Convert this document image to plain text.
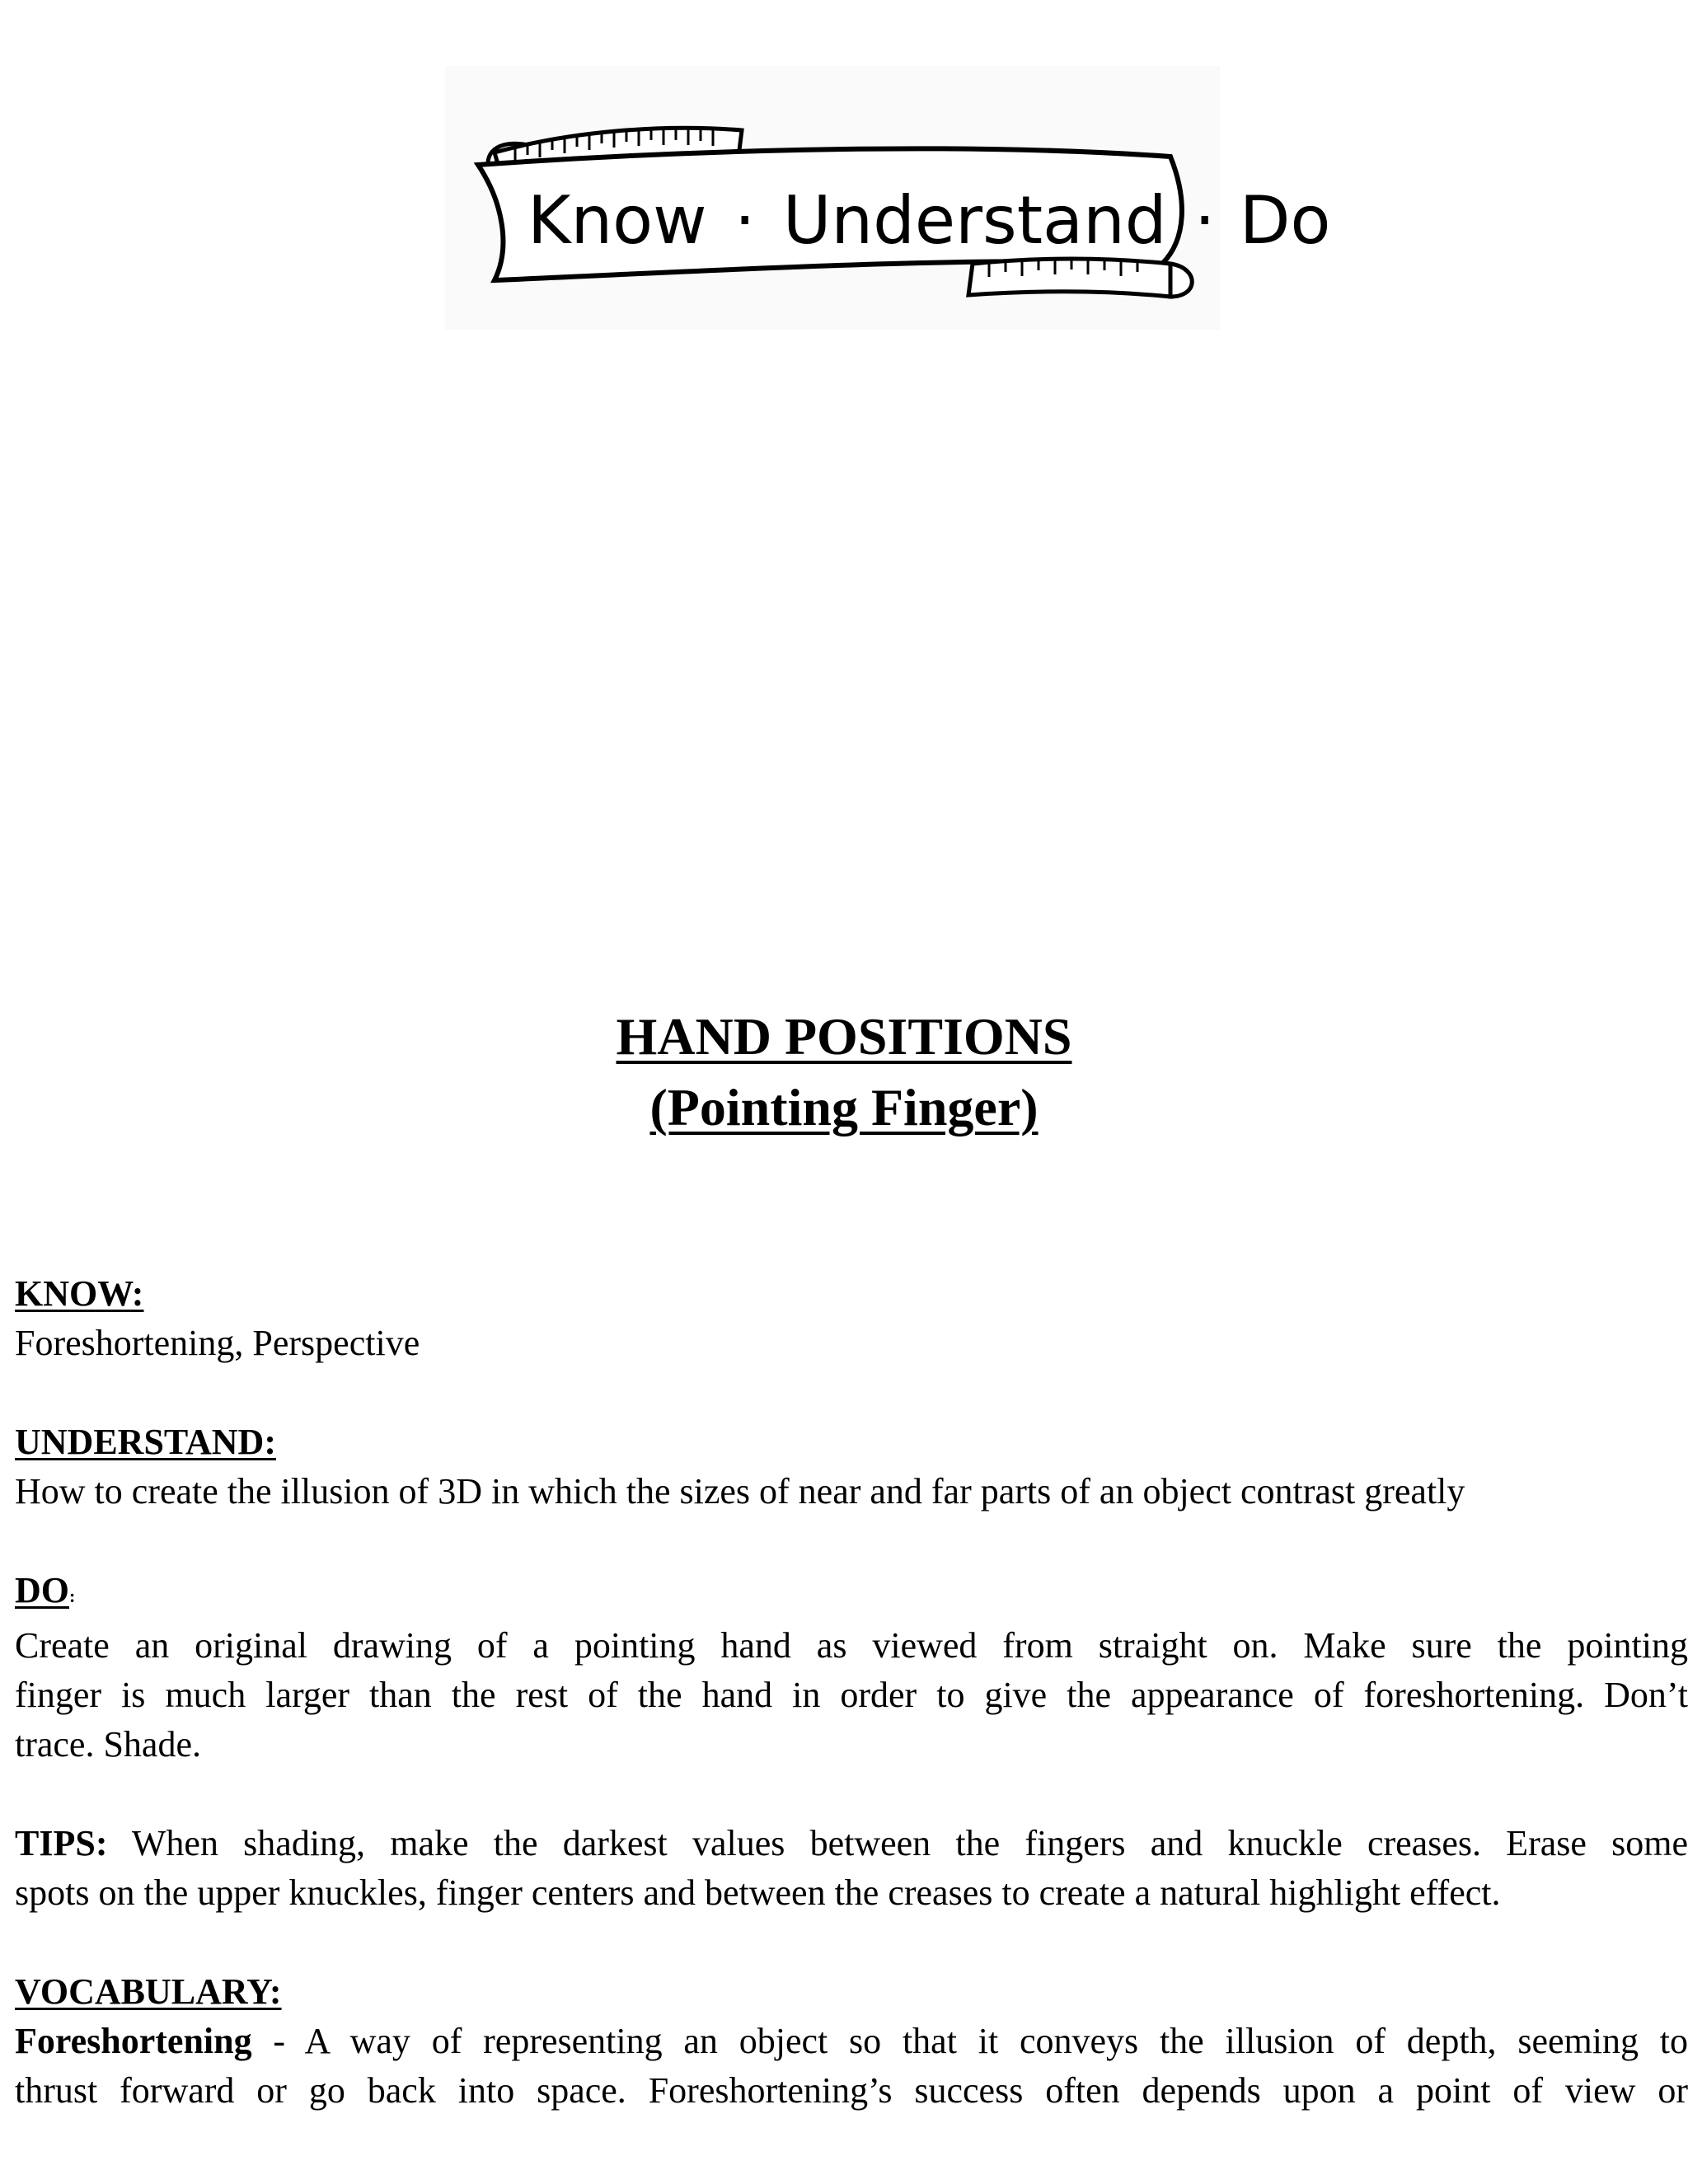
Know · Understand · Do
HAND POSITIONS
(Pointing Finger)
KNOW:
Foreshortening, Perspective
UNDERSTAND:
How to create the illusion of 3D in which the sizes of near and far parts of an object contrast greatly
DO:
Create an original drawing of a pointing hand as viewed from straight on. Make sure the pointing
finger is much larger than the rest of the hand in order to give the appearance of foreshortening. Don’t
trace. Shade.
TIPS: When shading, make the darkest values between the fingers and knuckle creases. Erase some
spots on the upper knuckles, finger centers and between the creases to create a natural highlight effect.
VOCABULARY:
Foreshortening - A way of representing an object so that it conveys the illusion of depth, seeming to
thrust forward or go back into space. Foreshortening’s success often depends upon a point of view or
